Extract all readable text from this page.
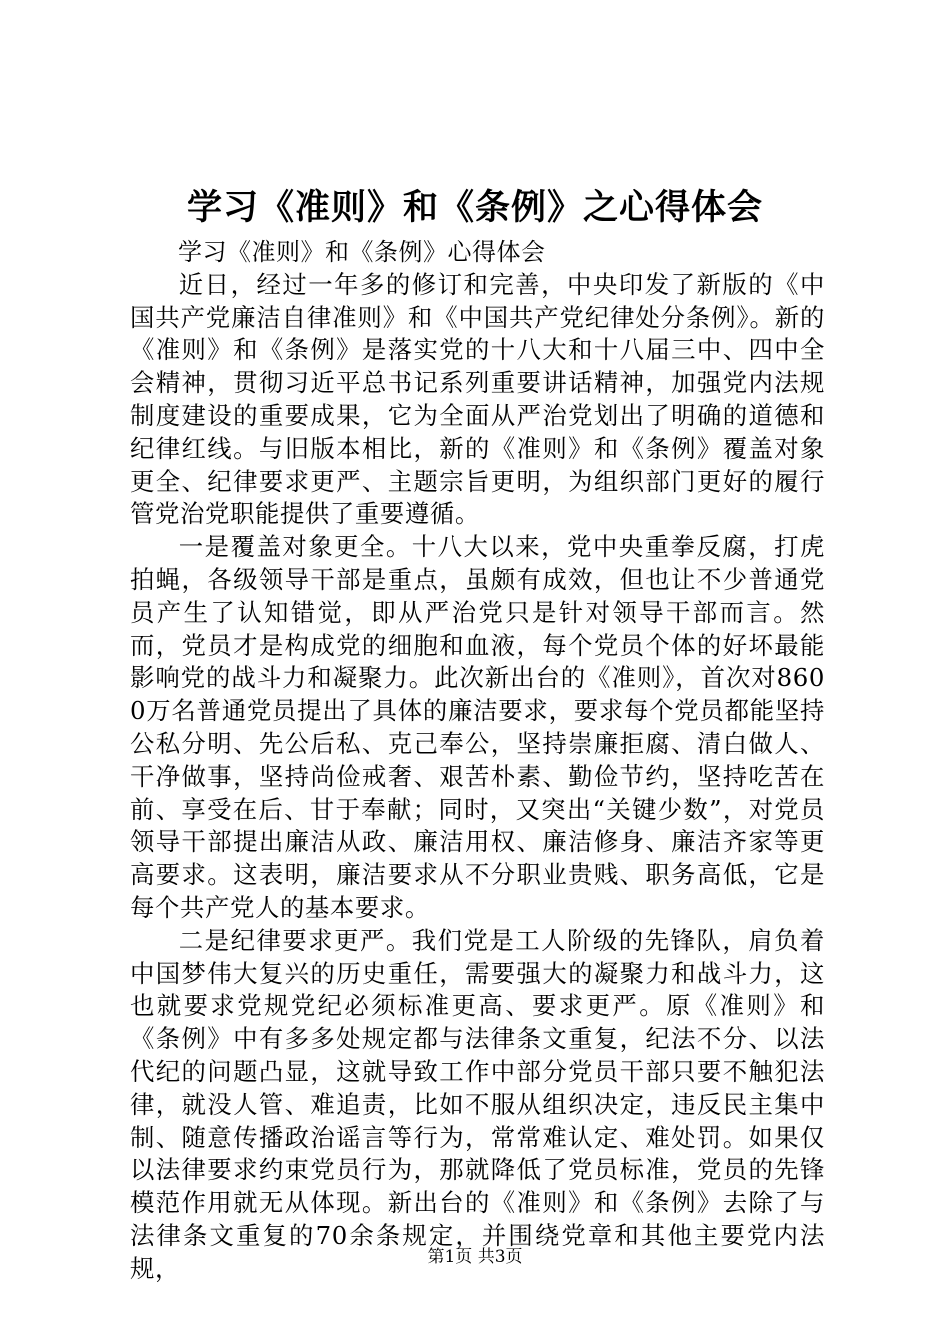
学习《准则》和《条例》之心得体会

学习《准则》和《条例》心得体会

近日，经过一年多的修订和完善，中央印发了新版的《中国共产党廉洁自律准则》和《中国共产党纪律处分条例》。新的《准则》和《条例》是落实党的十八大和十八届三中、四中全会精神，贯彻习近平总书记系列重要讲话精神，加强党内法规制度建设的重要成果，它为全面从严治党划出了明确的道德和纪律红线。与旧版本相比，新的《准则》和《条例》覆盖对象更全、纪律要求更严、主题宗旨更明，为组织部门更好的履行管党治党职能提供了重要遵循。

一是覆盖对象更全。十八大以来，党中央重拳反腐，打虎拍蝇，各级领导干部是重点，虽颇有成效，但也让不少普通党员产生了认知错觉，即从严治党只是针对领导干部而言。然而，党员才是构成党的细胞和血液，每个党员个体的好坏最能影响党的战斗力和凝聚力。此次新出台的《准则》，首次对8600万名普通党员提出了具体的廉洁要求，要求每个党员都能坚持公私分明、先公后私、克己奉公，坚持崇廉拒腐、清白做人、干净做事，坚持尚俭戒奢、艰苦朴素、勤俭节约，坚持吃苦在前、享受在后、甘于奉献；同时，又突出“关键少数”，对党员领导干部提出廉洁从政、廉洁用权、廉洁修身、廉洁齐家等更高要求。这表明，廉洁要求从不分职业贵贱、职务高低，它是每个共产党人的基本要求。

二是纪律要求更严。我们党是工人阶级的先锋队，肩负着中国梦伟大复兴的历史重任，需要强大的凝聚力和战斗力，这也就要求党规党纪必须标准更高、要求更严。原《准则》和《条例》中有多多处规定都与法律条文重复，纪法不分、以法代纪的问题凸显，这就导致工作中部分党员干部只要不触犯法律，就没人管、难追责，比如不服从组织决定，违反民主集中制、随意传播政治谣言等行为，常常难认定、难处罚。如果仅以法律要求约束党员行为，那就降低了党员标准，党员的先锋模范作用就无从体现。新出台的《准则》和《条例》去除了与法律条文重复的70余条规定，并围绕党章和其他主要党内法规，	第1页 共3页
